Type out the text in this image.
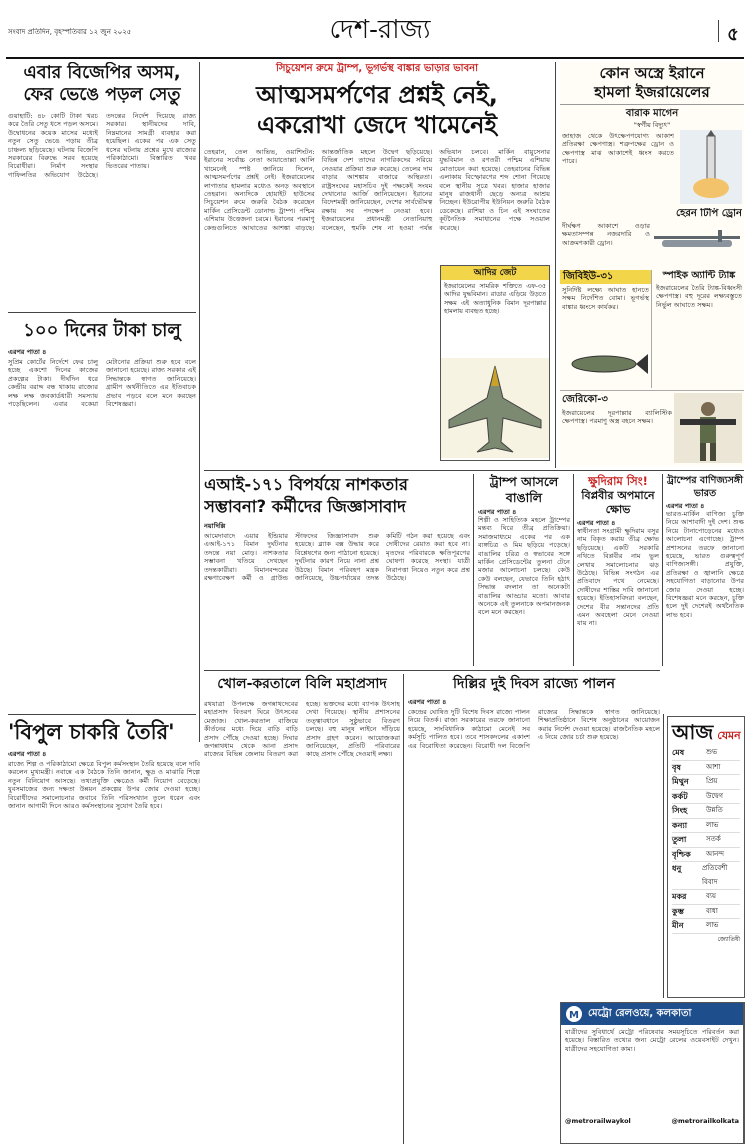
সংবাদ প্রতিদিন, বৃহস্পতিবার ১২ জুন ২০২৫	দেশ-রাজ্য	৫
এবার বিজেপির অসম,
ফের ভেঙে পড়ল সেতু
গুয়াহাটি: ৪৮ কোটি টাকা খরচ করে তৈরি সেতু ধসে পড়ল অসমে। উদ্বোধনের কয়েক মাসের মধ্যেই নতুন সেতু ভেঙে পড়ায় তীব্র চাঞ্চল্য ছড়িয়েছে। ঘটনায় বিজেপি সরকারের বিরুদ্ধে সরব হয়েছে বিরোধীরা। নির্মাণ সংস্থার গাফিলতির অভিযোগ উঠেছে। তদন্তের নির্দেশ দিয়েছে রাজ্য সরকার। স্থানীয়দের দাবি, নিম্নমানের সামগ্রী ব্যবহার করা হয়েছিল। একের পর এক সেতু ধসের ঘটনায় প্রশ্নের মুখে রাজ্যের পরিকাঠামো। বিস্তারিত খবর ভিতরের পাতায়।
১০০ দিনের টাকা চালু
এরপর পাতা ৪
সুপ্রিম কোর্টের নির্দেশে ফের চালু হচ্ছে একশো দিনের কাজের প্রকল্পের টাকা। দীর্ঘদিন ধরে কেন্দ্রীয় বরাদ্দ বন্ধ থাকায় রাজ্যের লক্ষ লক্ষ জবকার্ডধারী সমস্যায় পড়েছিলেন। এবার বকেয়া মেটানোর প্রক্রিয়া শুরু হবে বলে জানানো হয়েছে। রাজ্য সরকার এই সিদ্ধান্তকে স্বাগত জানিয়েছে। গ্রামীণ অর্থনীতিতে এর ইতিবাচক প্রভাব পড়বে বলে মনে করছেন বিশেষজ্ঞরা।
সিচুয়েশন রুমে ট্রাম্প, ভূগর্ভস্থ বাঙ্কার ভাড়ার ভাবনা
আত্মসমর্পণের প্রশ্নই নেই,
একরোখা জেদে খামেনেই
তেহরান, তেল আভিভ, ওয়াশিংটন: ইরানের সর্বোচ্চ নেতা আয়াতোল্লা আলি খামেনেই স্পষ্ট জানিয়ে দিলেন, আত্মসমর্পণের প্রশ্নই নেই। ইজরায়েলের লাগাতার হামলার মধ্যেও অনড় অবস্থানে তেহরান। অন্যদিকে হোয়াইট হাউসের সিচুয়েশন রুমে জরুরি বৈঠক করেছেন মার্কিন প্রেসিডেন্ট ডোনাল্ড ট্রাম্প। পশ্চিম এশিয়ায় উত্তেজনা চরমে। ইরানের পরমাণু কেন্দ্রগুলিতে আঘাতের আশঙ্কা বাড়ছে। আন্তর্জাতিক মহলে উদ্বেগ ছড়িয়েছে। বিভিন্ন দেশ তাদের নাগরিকদের সরিয়ে নেওয়ার প্রক্রিয়া শুরু করেছে। তেলের দাম বাড়ার আশঙ্কায় বাজারে অস্থিরতা। রাষ্ট্রসংঘের মহাসচিব দুই পক্ষকেই সংযম দেখানোর আর্জি জানিয়েছেন। ইরানের বিদেশমন্ত্রী জানিয়েছেন, দেশের সার্বভৌমত্ব রক্ষায় সব পদক্ষেপ নেওয়া হবে। ইজরায়েলের প্রধানমন্ত্রী নেতানিয়াহু বলেছেন, হুমকি শেষ না হওয়া পর্যন্ত অভিযান চলবে। মার্কিন বায়ুসেনার যুদ্ধবিমান ও রণতরী পশ্চিম এশিয়ায় মোতায়েন করা হয়েছে। তেহরানের বিভিন্ন এলাকায় বিস্ফোরণের শব্দ শোনা গিয়েছে বলে স্থানীয় সূত্রে খবর। হাজার হাজার মানুষ রাজধানী ছেড়ে অন্যত্র আশ্রয় নিচ্ছেন। ইউরোপীয় ইউনিয়ন জরুরি বৈঠক ডেকেছে। রাশিয়া ও চিন এই সংঘাতের কূটনৈতিক সমাধানের পক্ষে সওয়াল করেছে।
আদির জেট
ইজরায়েলের সামরিক শক্তিতে এফ-৩৫ আদির যুদ্ধবিমান। রাডার এড়িয়ে উড়তে সক্ষম এই অত্যাধুনিক বিমান দূরপাল্লার হামলায় ব্যবহৃত হচ্ছে।
কোন অস্ত্রে ইরানে
হামলা ইজরায়েলের
বারাক মাগেন
"স্বর্গীয় বিদ্যুৎ"
জাহাজ থেকে উৎক্ষেপণযোগ্য আকাশ প্রতিরক্ষা ক্ষেপণাস্ত্র। শত্রুপক্ষের ড্রোন ও ক্ষেপণাস্ত্র মাঝ আকাশেই ধ্বংস করতে পারে।
হেরন টিপি ড্রোন
দীর্ঘক্ষণ আকাশে ওড়ার ক্ষমতাসম্পন্ন নজরদারি ও আক্রমণকারী ড্রোন।
জিবিইউ-৩১
সুনির্দিষ্ট লক্ষ্যে আঘাত হানতে সক্ষম নির্দেশিত বোমা। ভূগর্ভস্থ বাঙ্কার ধ্বংসে কার্যকর।
স্পাইক অ্যান্টি ট্যাঙ্ক
ইজরায়েলের তৈরি ট্যাঙ্ক-বিধ্বংসী ক্ষেপণাস্ত্র। বহু দূরের লক্ষ্যবস্তুতে নির্ভুল আঘাতে সক্ষম।
জেরিকো-৩
ইজরায়েলের দূরপাল্লার ব্যালিস্টিক ক্ষেপণাস্ত্র। পরমাণু অস্ত্র বহনে সক্ষম।
এআই-১৭১ বিপর্যয়ে নাশকতার
সম্ভাবনা? কর্মীদের জিজ্ঞাসাবাদ
নয়াদিল্লি
আমেদাবাদে এয়ার ইন্ডিয়ার এআই-১৭১ বিমান দুর্ঘটনার তদন্তে নয়া মোড়। নাশকতার সম্ভাবনা খতিয়ে দেখছেন তদন্তকারীরা। বিমানবন্দরের রক্ষণাবেক্ষণ কর্মী ও গ্রাউন্ড স্টাফদের জিজ্ঞাসাবাদ শুরু হয়েছে। ব্ল্যাক বক্স উদ্ধার করে বিশ্লেষণের জন্য পাঠানো হয়েছে। দুর্ঘটনার কারণ নিয়ে নানা প্রশ্ন উঠছে। বিমান পরিবহণ মন্ত্রক জানিয়েছে, উচ্চপর্যায়ের তদন্ত কমিটি গঠন করা হয়েছে এবং দোষীদের রেয়াত করা হবে না। মৃতদের পরিবারকে ক্ষতিপূরণের ঘোষণা করেছে সংস্থা। যাত্রী নিরাপত্তা নিয়েও নতুন করে প্রশ্ন উঠেছে।
ট্রাম্প আসলে
বাঙালি
এরপর পাতা ৪
শিল্পী ও সাহিত্যিক মহলে ট্রাম্পের মন্তব্য ঘিরে তীব্র প্রতিক্রিয়া। সমাজমাধ্যমে একের পর এক ব্যঙ্গচিত্র ও মিম ছড়িয়ে পড়েছে। বাঙালির চরিত্র ও স্বভাবের সঙ্গে মার্কিন প্রেসিডেন্টের তুলনা টেনে মজার আলোচনা চলছে। কেউ কেউ বলছেন, যেভাবে তিনি হঠাৎ সিদ্ধান্ত বদলান তা অনেকটা বাঙালির আড্ডার মতো। আবার অনেকে এই তুলনাকে অপমানজনক বলে মনে করছেন।
ক্ষুদিরাম সিং!
বিপ্লবীর অপমানে
ক্ষোভ
এরপর পাতা ৪
স্বাধীনতা সংগ্রামী ক্ষুদিরাম বসুর নাম বিকৃত করায় তীব্র ক্ষোভ ছড়িয়েছে। একটি সরকারি নথিতে বিপ্লবীর নাম ভুল লেখায় সমালোচনার ঝড় উঠেছে। বিভিন্ন সংগঠন এর প্রতিবাদে পথে নেমেছে। দোষীদের শাস্তির দাবি জানানো হয়েছে। ইতিহাসবিদরা বলছেন, দেশের বীর সন্তানদের প্রতি এমন অবহেলা মেনে নেওয়া যায় না।
ট্রাম্পের বাণিজ্যসঙ্গী
ভারত
এরপর পাতা ৪
ভারত-মার্কিন বাণিজ্য চুক্তি নিয়ে আশাবাদী দুই দেশ। শুল্ক নিয়ে টানাপোড়েনের মধ্যেও আলোচনা এগোচ্ছে। ট্রাম্প প্রশাসনের তরফে জানানো হয়েছে, ভারত গুরুত্বপূর্ণ বাণিজ্যসঙ্গী। প্রযুক্তি, প্রতিরক্ষা ও জ্বালানি ক্ষেত্রে সহযোগিতা বাড়ানোর উপর জোর দেওয়া হচ্ছে। বিশেষজ্ঞরা মনে করছেন, চুক্তি হলে দুই দেশেরই অর্থনৈতিক লাভ হবে।
খোল-করতালে বিলি মহাপ্রসাদ
রথযাত্রা উপলক্ষে জগন্নাথদেবের মহাপ্রসাদ বিতরণ ঘিরে উৎসবের মেজাজ। খোল-করতাল বাজিয়ে কীর্তনের মধ্যে দিয়ে বাড়ি বাড়ি প্রসাদ পৌঁছে দেওয়া হচ্ছে। দিঘার জগন্নাথধাম থেকে আনা প্রসাদ রাজ্যের বিভিন্ন জেলায় বিতরণ করা হচ্ছে। ভক্তদের মধ্যে ব্যাপক উৎসাহ দেখা গিয়েছে। স্থানীয় প্রশাসনের তত্ত্বাবধানে সুষ্ঠুভাবে বিতরণ চলছে। বহু মানুষ লাইনে দাঁড়িয়ে প্রসাদ গ্রহণ করেন। আয়োজকরা জানিয়েছেন, প্রতিটি পরিবারের কাছে প্রসাদ পৌঁছে দেওয়াই লক্ষ্য।
দিল্লির দুই দিবস রাজ্যে পালন
এরপর পাতা ৪
কেন্দ্রের ঘোষিত দুটি বিশেষ দিবস রাজ্যে পালন নিয়ে বিতর্ক। রাজ্য সরকারের তরফে জানানো হয়েছে, সাংবিধানিক কাঠামো মেনেই সব কর্মসূচি পালিত হবে। তবে শাসকদলের একাংশ এর বিরোধিতা করেছেন। বিরোধী দল বিজেপি রাজ্যের সিদ্ধান্তকে স্বাগত জানিয়েছে। শিক্ষাপ্রতিষ্ঠানে বিশেষ অনুষ্ঠানের আয়োজন করার নির্দেশ দেওয়া হয়েছে। রাজনৈতিক মহলে এ নিয়ে জোর চর্চা শুরু হয়েছে।	আজ যেমন
মেষ	শুভ
বৃষ	আশা
মিথুন	প্রিয়
কর্কট	উদ্বেগ
সিংহ	উন্নতি
কন্যা	লাভ
তুলা	সতর্ক
বৃশ্চিক	আনন্দ
ধনু	প্রতিবেশী বিবাদ
মকর	ব্যয়
কুম্ভ	বাধা
মীন	লাভ
জ্যোতিষী
'বিপুল চাকরি তৈরি'
এরপর পাতা ৪
রাজ্যে শিল্প ও পরিকাঠামো ক্ষেত্রে বিপুল কর্মসংস্থান তৈরি হয়েছে বলে দাবি করলেন মুখ্যমন্ত্রী। নবান্নে এক বৈঠকে তিনি জানান, ক্ষুদ্র ও মাঝারি শিল্পে নতুন বিনিয়োগ আসছে। তথ্যপ্রযুক্তি ক্ষেত্রেও কর্মী নিয়োগ বেড়েছে। যুবসমাজের জন্য দক্ষতা উন্নয়ন প্রকল্পের উপর জোর দেওয়া হচ্ছে। বিরোধীদের সমালোচনার জবাবে তিনি পরিসংখ্যান তুলে ধরেন এবং জানান আগামী দিনে আরও কর্মসংস্থানের সুযোগ তৈরি হবে।
M মেট্রো রেলওয়ে, কলকাতা
যাত্রীদের সুবিধার্থে মেট্রো পরিষেবার সময়সূচিতে পরিবর্তন করা হয়েছে। বিস্তারিত তথ্যের জন্য মেট্রো রেলের ওয়েবসাইট দেখুন। যাত্রীদের সহযোগিতা কাম্য।
@metrorailwaykol	@metrorailkolkata
